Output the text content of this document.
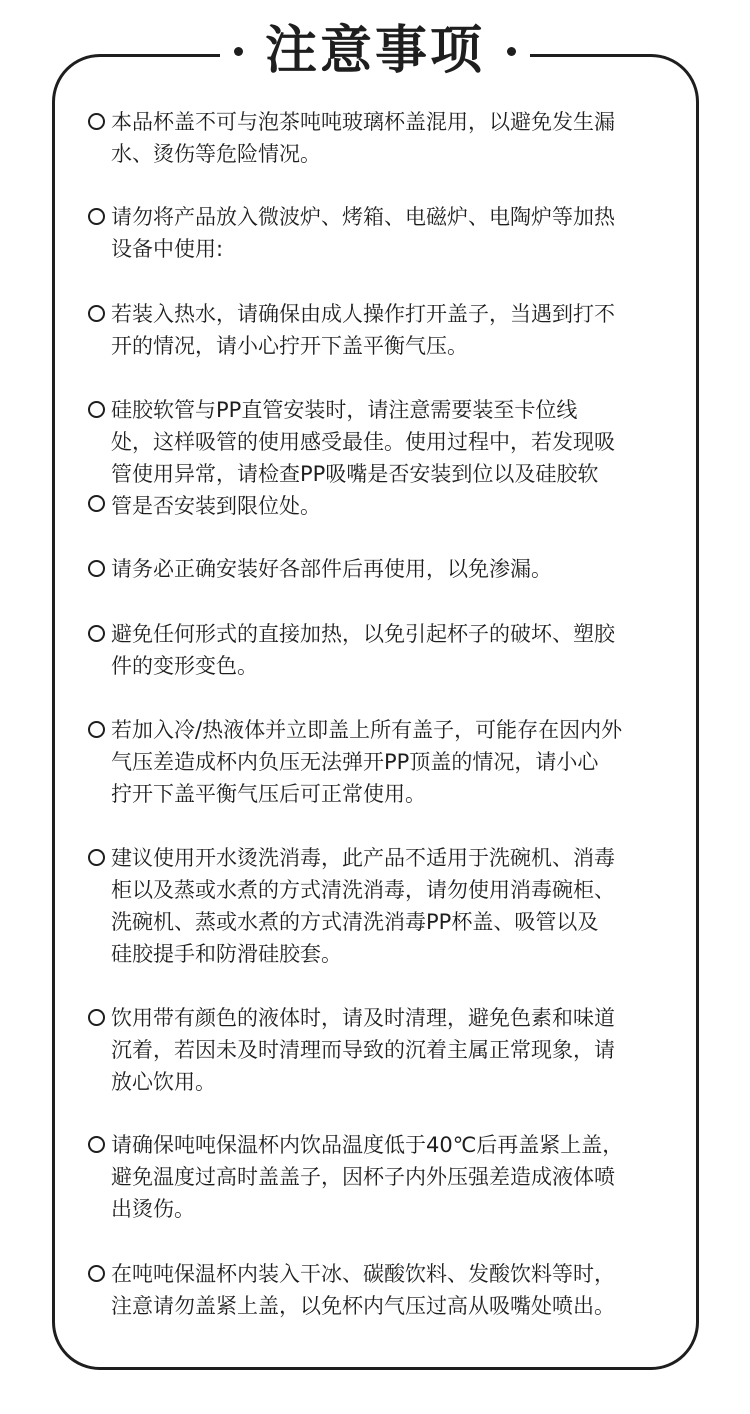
注意事项
本品杯盖不可与泡茶吨吨玻璃杯盖混用，以避免发生漏
水、烫伤等危险情况。
请勿将产品放入微波炉、烤箱、电磁炉、电陶炉等加热
设备中使用:
若装入热水，请确保由成人操作打开盖子，当遇到打不
开的情况，请小心拧开下盖平衡气压。
硅胶软管与PP直管安装时，请注意需要装至卡位线
处，这样吸管的使用感受最佳。使用过程中，若发现吸
管使用异常，请检查PP吸嘴是否安装到位以及硅胶软
管是否安装到限位处。
请务必正确安装好各部件后再使用，以免渗漏。
避免任何形式的直接加热，以免引起杯子的破坏、塑胶
件的变形变色。
若加入冷/热液体并立即盖上所有盖子，可能存在因内外
气压差造成杯内负压无法弹开PP顶盖的情况，请小心
拧开下盖平衡气压后可正常使用。
建议使用开水烫洗消毒，此产品不适用于洗碗机、消毒
柜以及蒸或水煮的方式清洗消毒，请勿使用消毒碗柜、
洗碗机、蒸或水煮的方式清洗消毒PP杯盖、吸管以及
硅胶提手和防滑硅胶套。
饮用带有颜色的液体时，请及时清理，避免色素和味道
沉着，若因未及时清理而导致的沉着主属正常现象，请
放心饮用。
请确保吨吨保温杯内饮品温度低于40℃后再盖紧上盖，
避免温度过高时盖盖子，因杯子内外压强差造成液体喷
出烫伤。
在吨吨保温杯内装入干冰、碳酸饮料、发酸饮料等时，
注意请勿盖紧上盖，以免杯内气压过高从吸嘴处喷出。
